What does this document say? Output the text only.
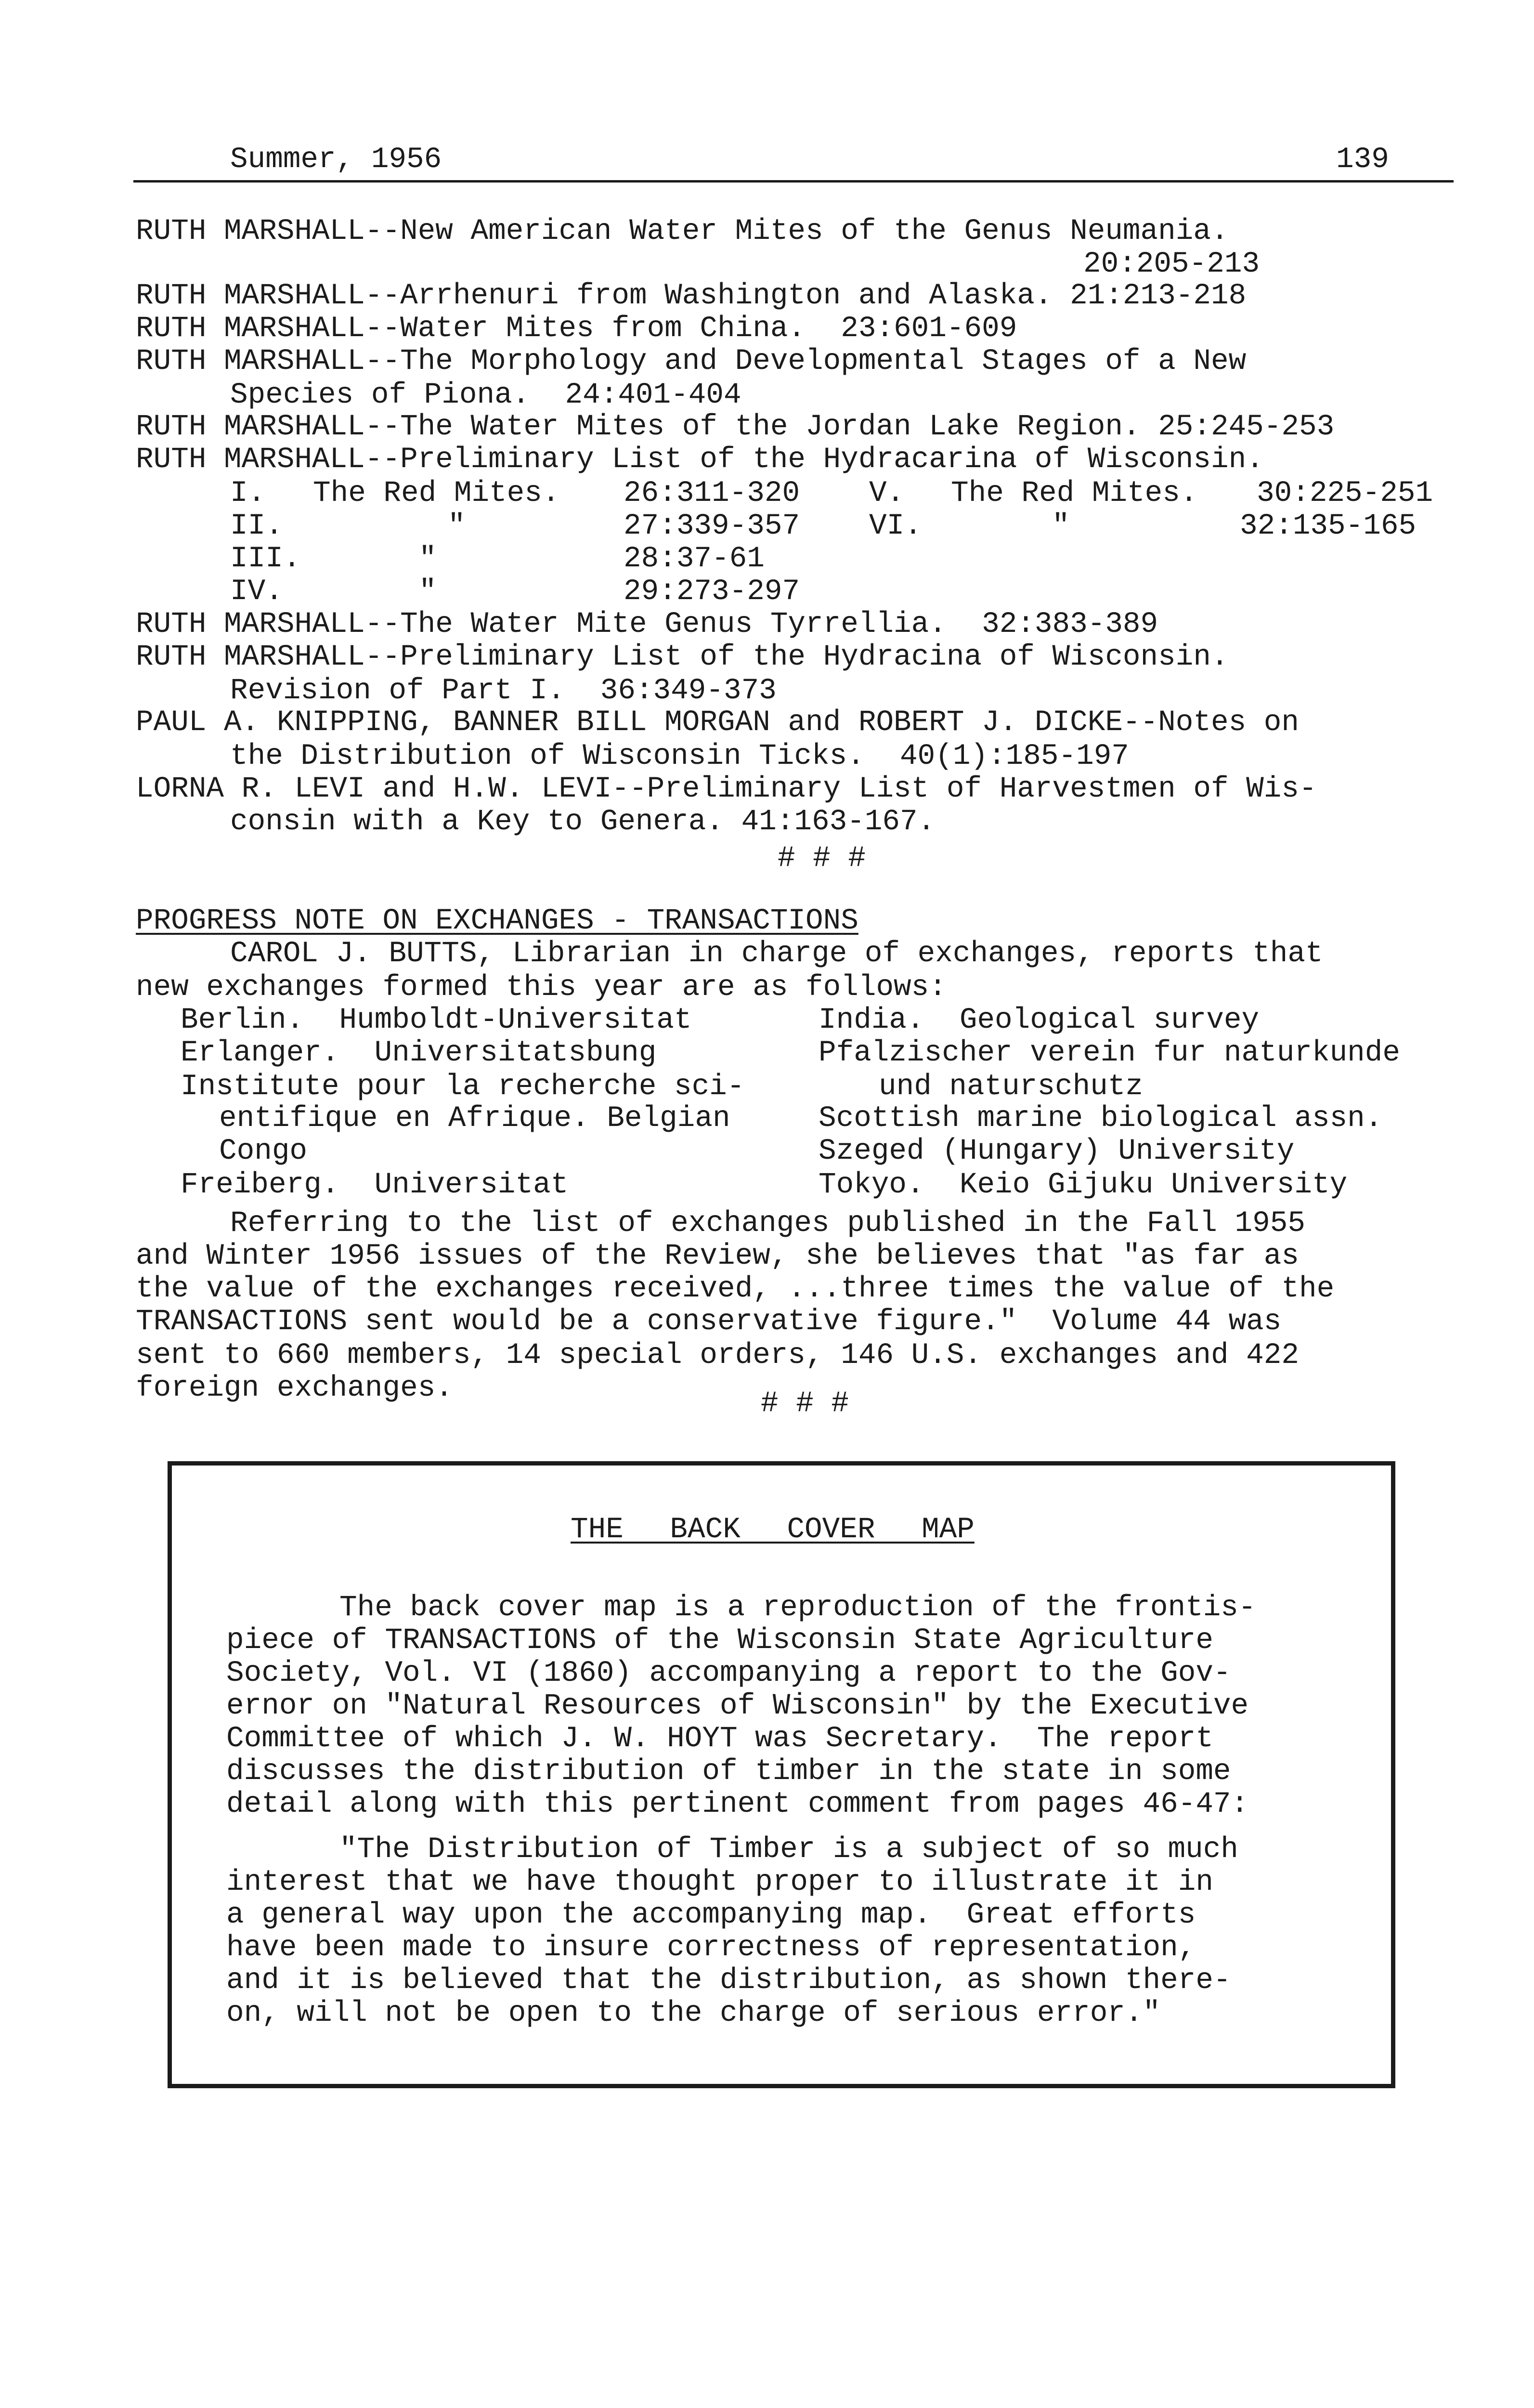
Summer, 1956	139
RUTH MARSHALL--New American Water Mites of the Genus Neumania.
20:205-213
RUTH MARSHALL--Arrhenuri from Washington and Alaska. 21:213-218
RUTH MARSHALL--Water Mites from China.  23:601-609
RUTH MARSHALL--The Morphology and Developmental Stages of a New
Species of Piona.  24:401-404
RUTH MARSHALL--The Water Mites of the Jordan Lake Region. 25:245-253
RUTH MARSHALL--Preliminary List of the Hydracarina of Wisconsin.
I. The Red Mites. 26:311-320 V. The Red Mites. 30:225-251
II.	"	27:339-357 VI.	"	32:135-165
III.	"	28:37-61
IV.	"	29:273-297
RUTH MARSHALL--The Water Mite Genus Tyrrellia.  32:383-389
RUTH MARSHALL--Preliminary List of the Hydracina of Wisconsin.
Revision of Part I.  36:349-373
PAUL A. KNIPPING, BANNER BILL MORGAN and ROBERT J. DICKE--Notes on
the Distribution of Wisconsin Ticks.  40(1):185-197
LORNA R. LEVI and H.W. LEVI--Preliminary List of Harvestmen of Wis-
consin with a Key to Genera. 41:163-167.
# # #
PROGRESS NOTE ON EXCHANGES - TRANSACTIONS
CAROL J. BUTTS, Librarian in charge of exchanges, reports that
new exchanges formed this year are as follows:
Berlin.  Humboldt-Universitat
Erlanger.  Universitatsbung
Institute pour la recherche sci-
entifique en Afrique. Belgian
Congo
Freiberg.  Universitat
India.  Geological survey
Pfalzischer verein fur naturkunde
und naturschutz
Scottish marine biological assn.
Szeged (Hungary) University
Tokyo.  Keio Gijuku University
Referring to the list of exchanges published in the Fall 1955
and Winter 1956 issues of the Review, she believes that "as far as
the value of the exchanges received, ...three times the value of the
TRANSACTIONS sent would be a conservative figure."  Volume 44 was
sent to 660 members, 14 special orders, 146 U.S. exchanges and 422
foreign exchanges.	# # #
THE BACK COVER MAP
The back cover map is a reproduction of the frontis-
piece of TRANSACTIONS of the Wisconsin State Agriculture
Society, Vol. VI (1860) accompanying a report to the Gov-
ernor on "Natural Resources of Wisconsin" by the Executive
Committee of which J. W. HOYT was Secretary.  The report
discusses the distribution of timber in the state in some
detail along with this pertinent comment from pages 46-47:
"The Distribution of Timber is a subject of so much
interest that we have thought proper to illustrate it in
a general way upon the accompanying map.  Great efforts
have been made to insure correctness of representation,
and it is believed that the distribution, as shown there-
on, will not be open to the charge of serious error."
